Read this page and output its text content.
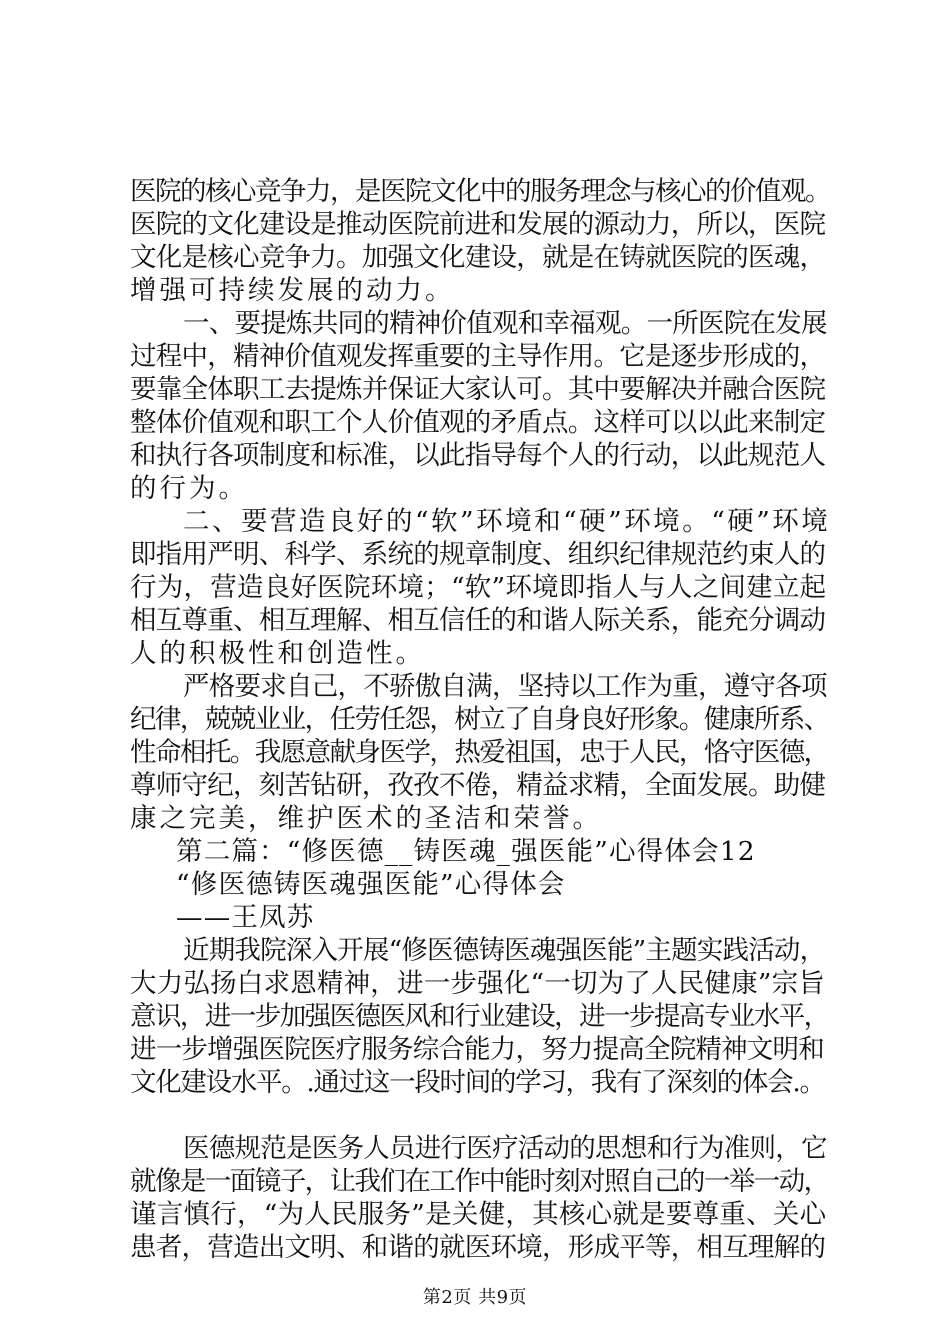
医院的核心竞争力，是医院文化中的服务理念与核心的价值观。
医院的文化建设是推动医院前进和发展的源动力，所以，医院
文化是核心竞争力。加强文化建设，就是在铸就医院的医魂，
增强可持续发展的动力。
一、要提炼共同的精神价值观和幸福观。一所医院在发展
过程中，精神价值观发挥重要的主导作用。它是逐步形成的，
要靠全体职工去提炼并保证大家认可。其中要解决并融合医院
整体价值观和职工个人价值观的矛盾点。这样可以以此来制定
和执行各项制度和标准，以此指导每个人的行动，以此规范人
的行为。
二、要营造良好的“软”环境和“硬”环境。“硬”环境
即指用严明、科学、系统的规章制度、组织纪律规范约束人的
行为，营造良好医院环境；“软”环境即指人与人之间建立起
相互尊重、相互理解、相互信任的和谐人际关系，能充分调动
人的积极性和创造性。
严格要求自己，不骄傲自满，坚持以工作为重，遵守各项
纪律，兢兢业业，任劳任怨，树立了自身良好形象。健康所系、
性命相托。我愿意献身医学，热爱祖国，忠于人民，恪守医德，
尊师守纪，刻苦钻研，孜孜不倦，精益求精，全面发展。助健
康之完美，维护医术的圣洁和荣誉。
第二篇：“修医德__铸医魂_强医能”心得体会12
“修医德铸医魂强医能”心得体会
——王凤苏
近期我院深入开展“修医德铸医魂强医能”主题实践活动，
大力弘扬白求恩精神，进一步强化“一切为了人民健康”宗旨
意识，进一步加强医德医风和行业建设，进一步提高专业水平，
进一步增强医院医疗服务综合能力，努力提高全院精神文明和
文化建设水平。.通过这一段时间的学习，我有了深刻的体会.。
医德规范是医务人员进行医疗活动的思想和行为准则，它
就像是一面镜子，让我们在工作中能时刻对照自己的一举一动，
谨言慎行，“为人民服务”是关健，其核心就是要尊重、关心
患者，营造出文明、和谐的就医环境，形成平等，相互理解的
第2页 共9页
